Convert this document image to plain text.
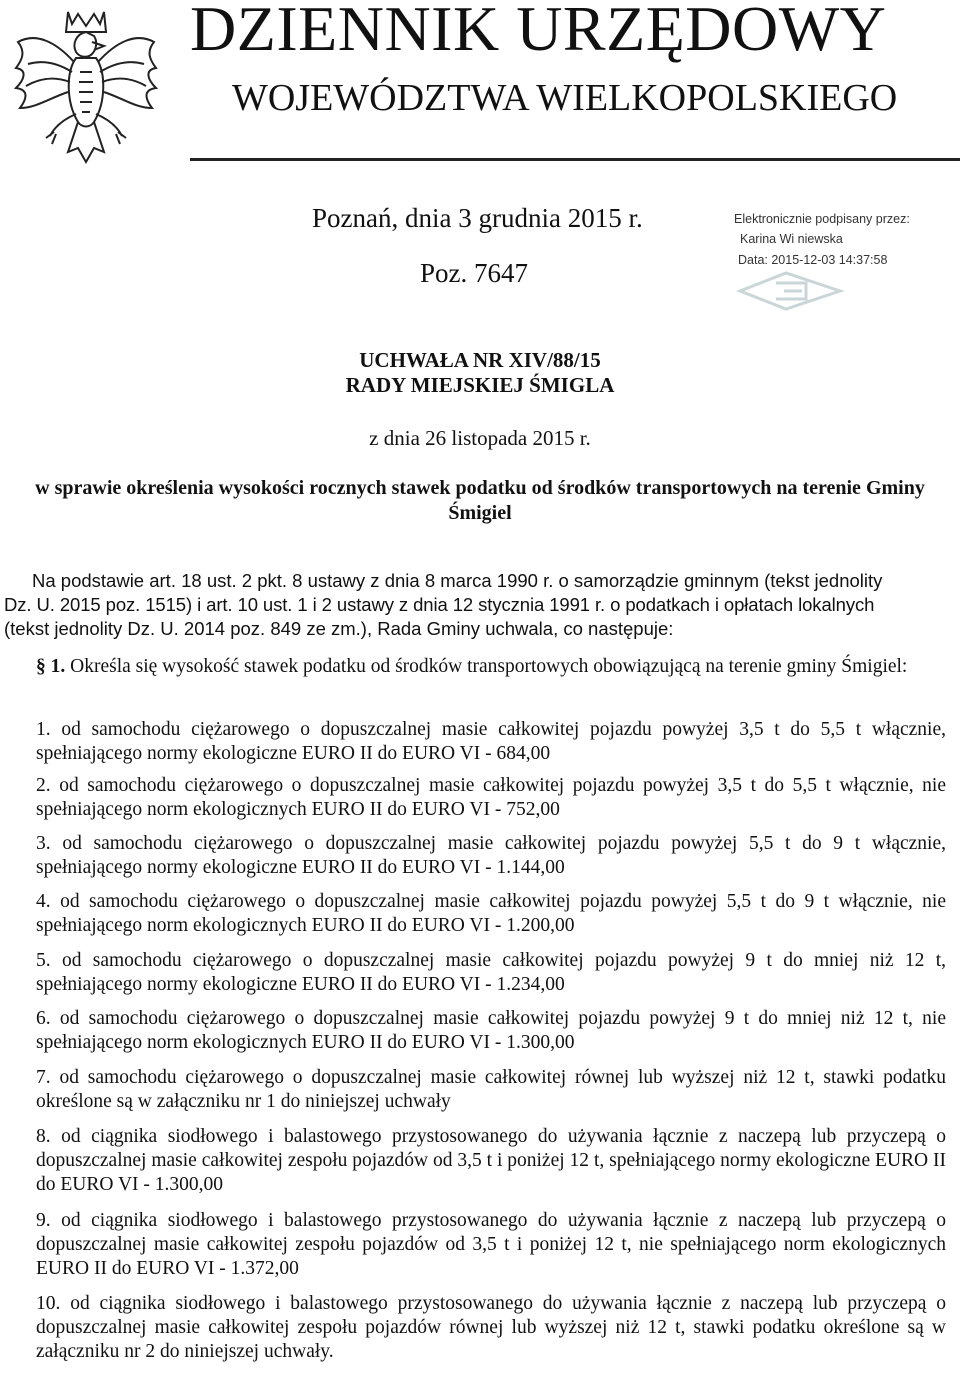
DZIENNIK URZĘDOWY
WOJEWÓDZTWA WIELKOPOLSKIEGO
Poznań, dnia 3 grudnia 2015 r.
Poz. 7647
Elektronicznie podpisany przez:
Karina Wi niewska
Data: 2015-12-03 14:37:58
UCHWAŁA NR XIV/88/15
RADY MIEJSKIEJ ŚMIGLA
z dnia 26 listopada 2015 r.
w sprawie określenia wysokości rocznych stawek podatku od środków transportowych na terenie Gminy
Śmigiel
Na podstawie art. 18 ust. 2 pkt. 8 ustawy z dnia 8 marca 1990 r. o samorządzie gminnym (tekst jednolity
Dz. U. 2015 poz. 1515) i art. 10 ust. 1 i 2 ustawy z dnia 12 stycznia 1991 r. o podatkach i opłatach lokalnych
(tekst jednolity Dz. U. 2014 poz. 849 ze zm.), Rada Gminy uchwala, co następuje:
§ 1. Określa się wysokość stawek podatku od środków transportowych obowiązującą na terenie gminy Śmigiel:
1. od samochodu ciężarowego o dopuszczalnej masie całkowitej pojazdu powyżej 3,5 t do 5,5 t włącznie, spełniającego normy ekologiczne EURO II do EURO VI - 684,00
2. od samochodu ciężarowego o dopuszczalnej masie całkowitej pojazdu powyżej 3,5 t do 5,5 t włącznie, nie spełniającego norm ekologicznych EURO II do EURO VI - 752,00
3. od samochodu ciężarowego o dopuszczalnej masie całkowitej pojazdu powyżej 5,5 t do 9 t włącznie, spełniającego normy ekologiczne EURO II do EURO VI - 1.144,00
4. od samochodu ciężarowego o dopuszczalnej masie całkowitej pojazdu powyżej 5,5 t do 9 t włącznie, nie spełniającego norm ekologicznych EURO II do EURO VI - 1.200,00
5. od samochodu ciężarowego o dopuszczalnej masie całkowitej pojazdu powyżej 9 t do mniej niż 12 t, spełniającego normy ekologiczne EURO II do EURO VI - 1.234,00
6. od samochodu ciężarowego o dopuszczalnej masie całkowitej pojazdu powyżej 9 t do mniej niż 12 t, nie spełniającego norm ekologicznych EURO II do EURO VI - 1.300,00
7. od samochodu ciężarowego o dopuszczalnej masie całkowitej równej lub wyższej niż 12 t, stawki podatku określone są w załączniku nr 1 do niniejszej uchwały
8. od ciągnika siodłowego i balastowego przystosowanego do używania łącznie z naczepą lub przyczepą o dopuszczalnej masie całkowitej zespołu pojazdów od 3,5 t i poniżej 12 t, spełniającego normy ekologiczne EURO II do EURO VI - 1.300,00
9. od ciągnika siodłowego i balastowego przystosowanego do używania łącznie z naczepą lub przyczepą o dopuszczalnej masie całkowitej zespołu pojazdów od 3,5 t i poniżej 12 t, nie spełniającego norm ekologicznych EURO II do EURO VI - 1.372,00
10. od ciągnika siodłowego i balastowego przystosowanego do używania łącznie z naczepą lub przyczepą o dopuszczalnej masie całkowitej zespołu pojazdów równej lub wyższej niż 12 t, stawki podatku określone są w załączniku nr 2 do niniejszej uchwały.
